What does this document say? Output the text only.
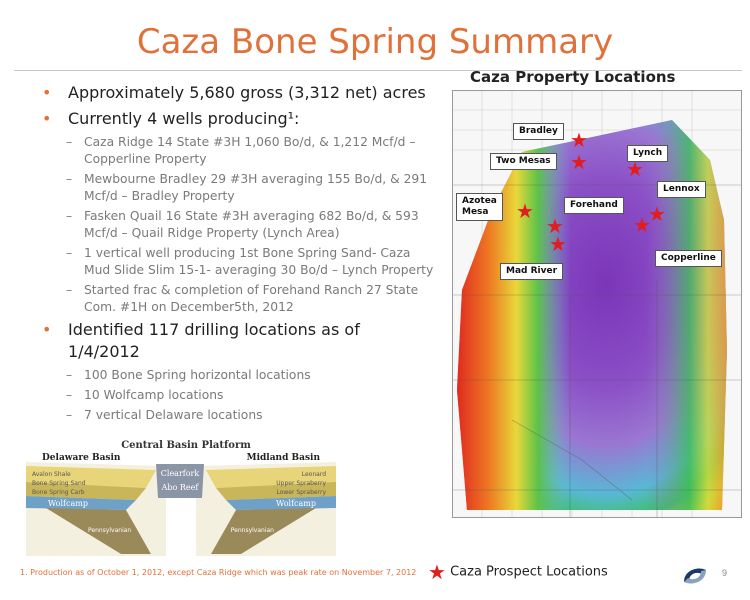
Caza Bone Spring Summary
• Approximately 5,680 gross (3,312 net) acres
• Currently 4 wells producing¹:
– Caza Ridge 14 State #3H 1,060 Bo/d, & 1,212 Mcf/d – Copperline Property
– Mewbourne Bradley 29 #3H averaging 155 Bo/d, & 291 Mcf/d – Bradley Property
– Fasken Quail 16 State #3H averaging 682 Bo/d, & 593 Mcf/d – Quail Ridge Property (Lynch Area)
– 1 vertical well producing 1st Bone Spring Sand- Caza Mud Slide Slim 15-1- averaging 30 Bo/d – Lynch Property
– Started frac & completion of Forehand Ranch 27 State Com. #1H on December5th, 2012
• Identified 117 drilling locations as of 1/4/2012
– 100 Bone Spring horizontal locations
– 10 Wolfcamp locations
– 7 vertical Delaware locations
Caza Property Locations
Bradley
Two Mesas
Lynch
Lennox
Azotea
Mesa
Forehand
Copperline
Mad River
★
★ ★
★
★
★
★
★
Central Basin Platform
Delaware Basin	Midland Basin
Clearfork
Abo Reef
Avalon Shale
Bone Spring Sand
Bone Spring Carb
Leonard
Upper Spraberry
Lower Spraberry
Wolfcamp	Wolfcamp
Pennsylvanian	Pennsylvanian
1. Production as of October 1, 2012, except Caza Ridge which was peak rate on November 7, 2012 ★ Caza Prospect Locations	9
